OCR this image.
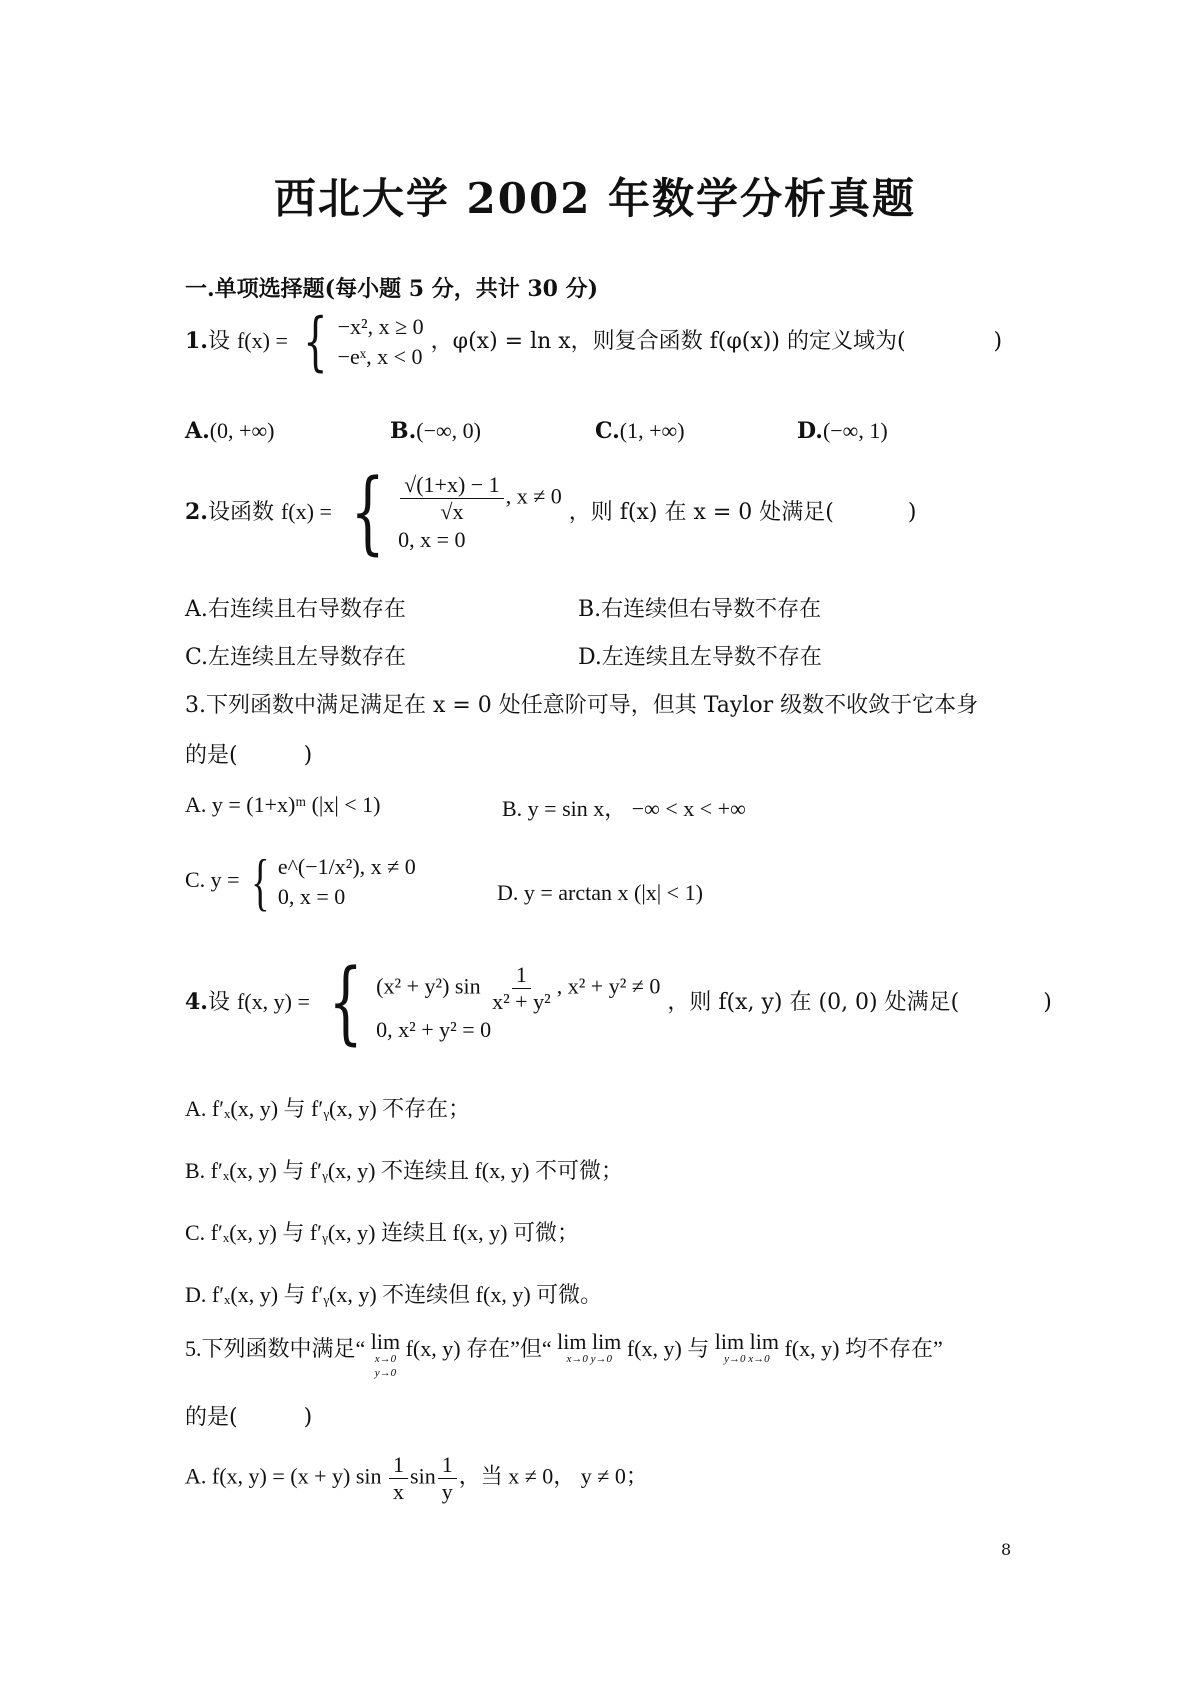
西北大学 2002 年数学分析真题
一.单项选择题(每小题 5 分，共计 30 分)
1.设 f(x) = { −x², x ≥ 0
−eˣ, x < 0
，φ(x) = ln x，则复合函数 f(φ(x)) 的定义域为(	)
A.(0, +∞)	B.(−∞, 0)	C.(1, +∞)	D.(−∞, 1)
2.设函数 f(x) = { $\frac{√(1+x) - 1}{√x}$ , x ≠ 0
0, x = 0
，则 f(x) 在 x = 0 处满足(	)
A.右连续且右导数存在	B.右连续但右导数不存在
C.左连续且左导数存在	D.左连续且左导数不存在
3.下列函数中满足满足在 x = 0 处任意阶可导，但其 Taylor 级数不收敛于它本身
的是(	)
A. y = (1+x)ᵐ (|x| < 1)	B. y = sin x， −∞ < x < +∞
C. y = { e^(−1/x²), x ≠ 0
0, x = 0	D. y = arctan x (|x| < 1)
4.设 f(x, y) = { (x² + y²) $\sin \frac{1}{\text{x² + y²}}$ , x² + y² ≠ 0
0, x² + y² = 0
，则 f(x, y) 在 (0, 0) 处满足(	)
A. f′ₓ(x, y) 与 f′ᵧ(x, y) 不存在；
B. f′ₓ(x, y) 与 f′ᵧ(x, y) 不连续且 f(x, y) 不可微；
C. f′ₓ(x, y) 与 f′ᵧ(x, y) 连续且 f(x, y) 可微；
D. f′ₓ(x, y) 与 f′ᵧ(x, y) 不连续但 f(x, y) 可微。
5.下列函数中满足“ lim
x→0
y→0
f(x, y) 存在”但“ lim lim
x→0 y→0 f(x, y) 与 lim lim
y→0 x→0 f(x, y) 均不存在”
的是(	)
A. f(x, y) = (x + y) $\sin \frac{1}{x}$ $\sin \frac{1}{y}$ ，当 x ≠ 0， y ≠ 0；
8
